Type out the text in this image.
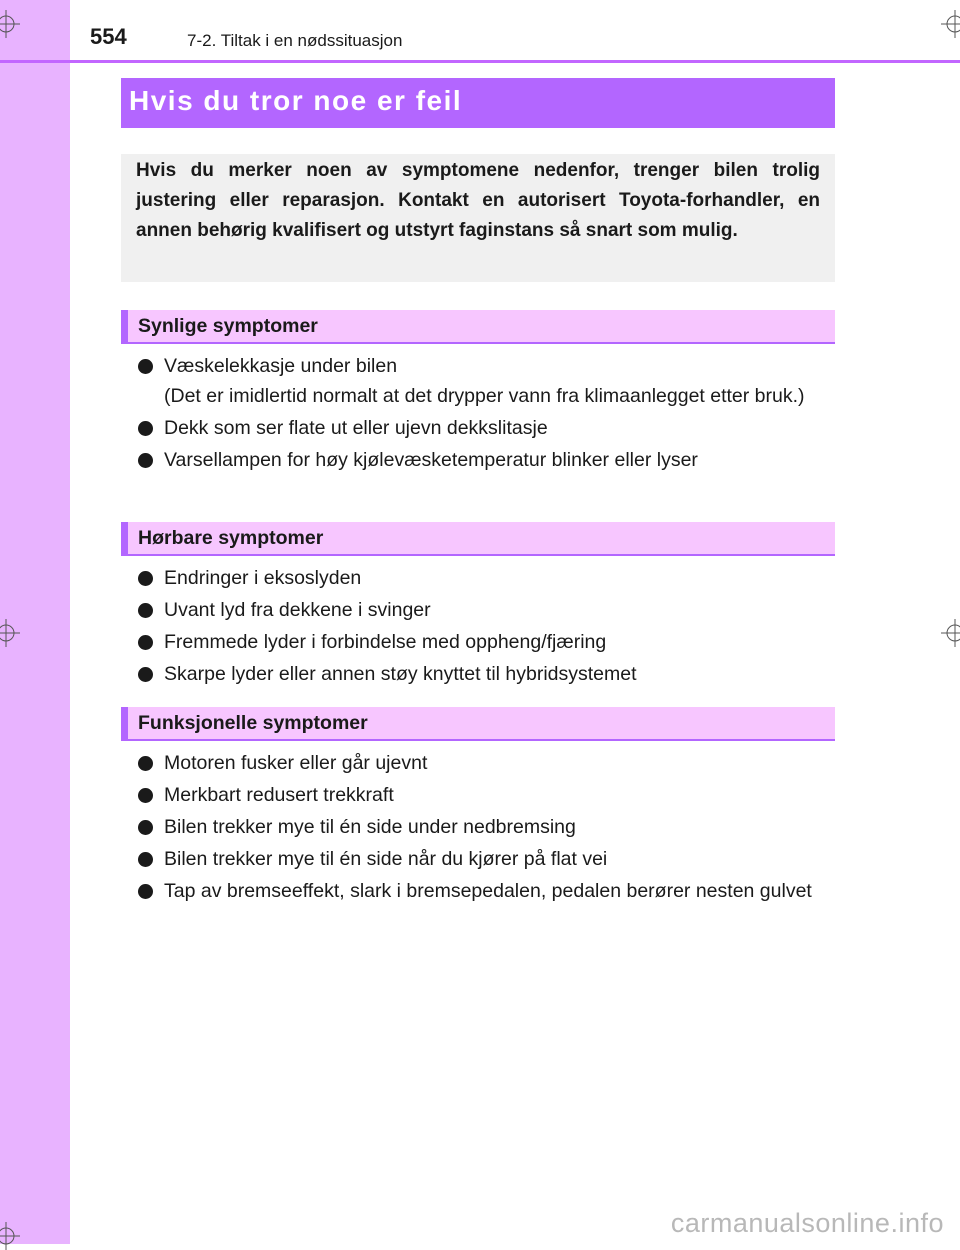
554	7-2. Tiltak i en nødssituasjon
Hvis du tror noe er feil

Hvis du merker noen av symptomene nedenfor, trenger bilen trolig justering eller reparasjon. Kontakt en autorisert Toyota-forhandler, en annen behørig kvalifisert og utstyrt faginstans så snart som mulig.

Synlige symptomer
Væskelekkasje under bilen
(Det er imidlertid normalt at det drypper vann fra klimaanlegget etter bruk.)
Dekk som ser flate ut eller ujevn dekkslitasje
Varsellampen for høy kjølevæsketemperatur blinker eller lyser
Hørbare symptomer
Endringer i eksoslyden
Uvant lyd fra dekkene i svinger
Fremmede lyder i forbindelse med oppheng/fjæring
Skarpe lyder eller annen støy knyttet til hybridsystemet
Funksjonelle symptomer
Motoren fusker eller går ujevnt
Merkbart redusert trekkraft
Bilen trekker mye til én side under nedbremsing
Bilen trekker mye til én side når du kjører på flat vei
Tap av bremseeffekt, slark i bremsepedalen, pedalen berører nesten gulvet
carmanualsonline.info
